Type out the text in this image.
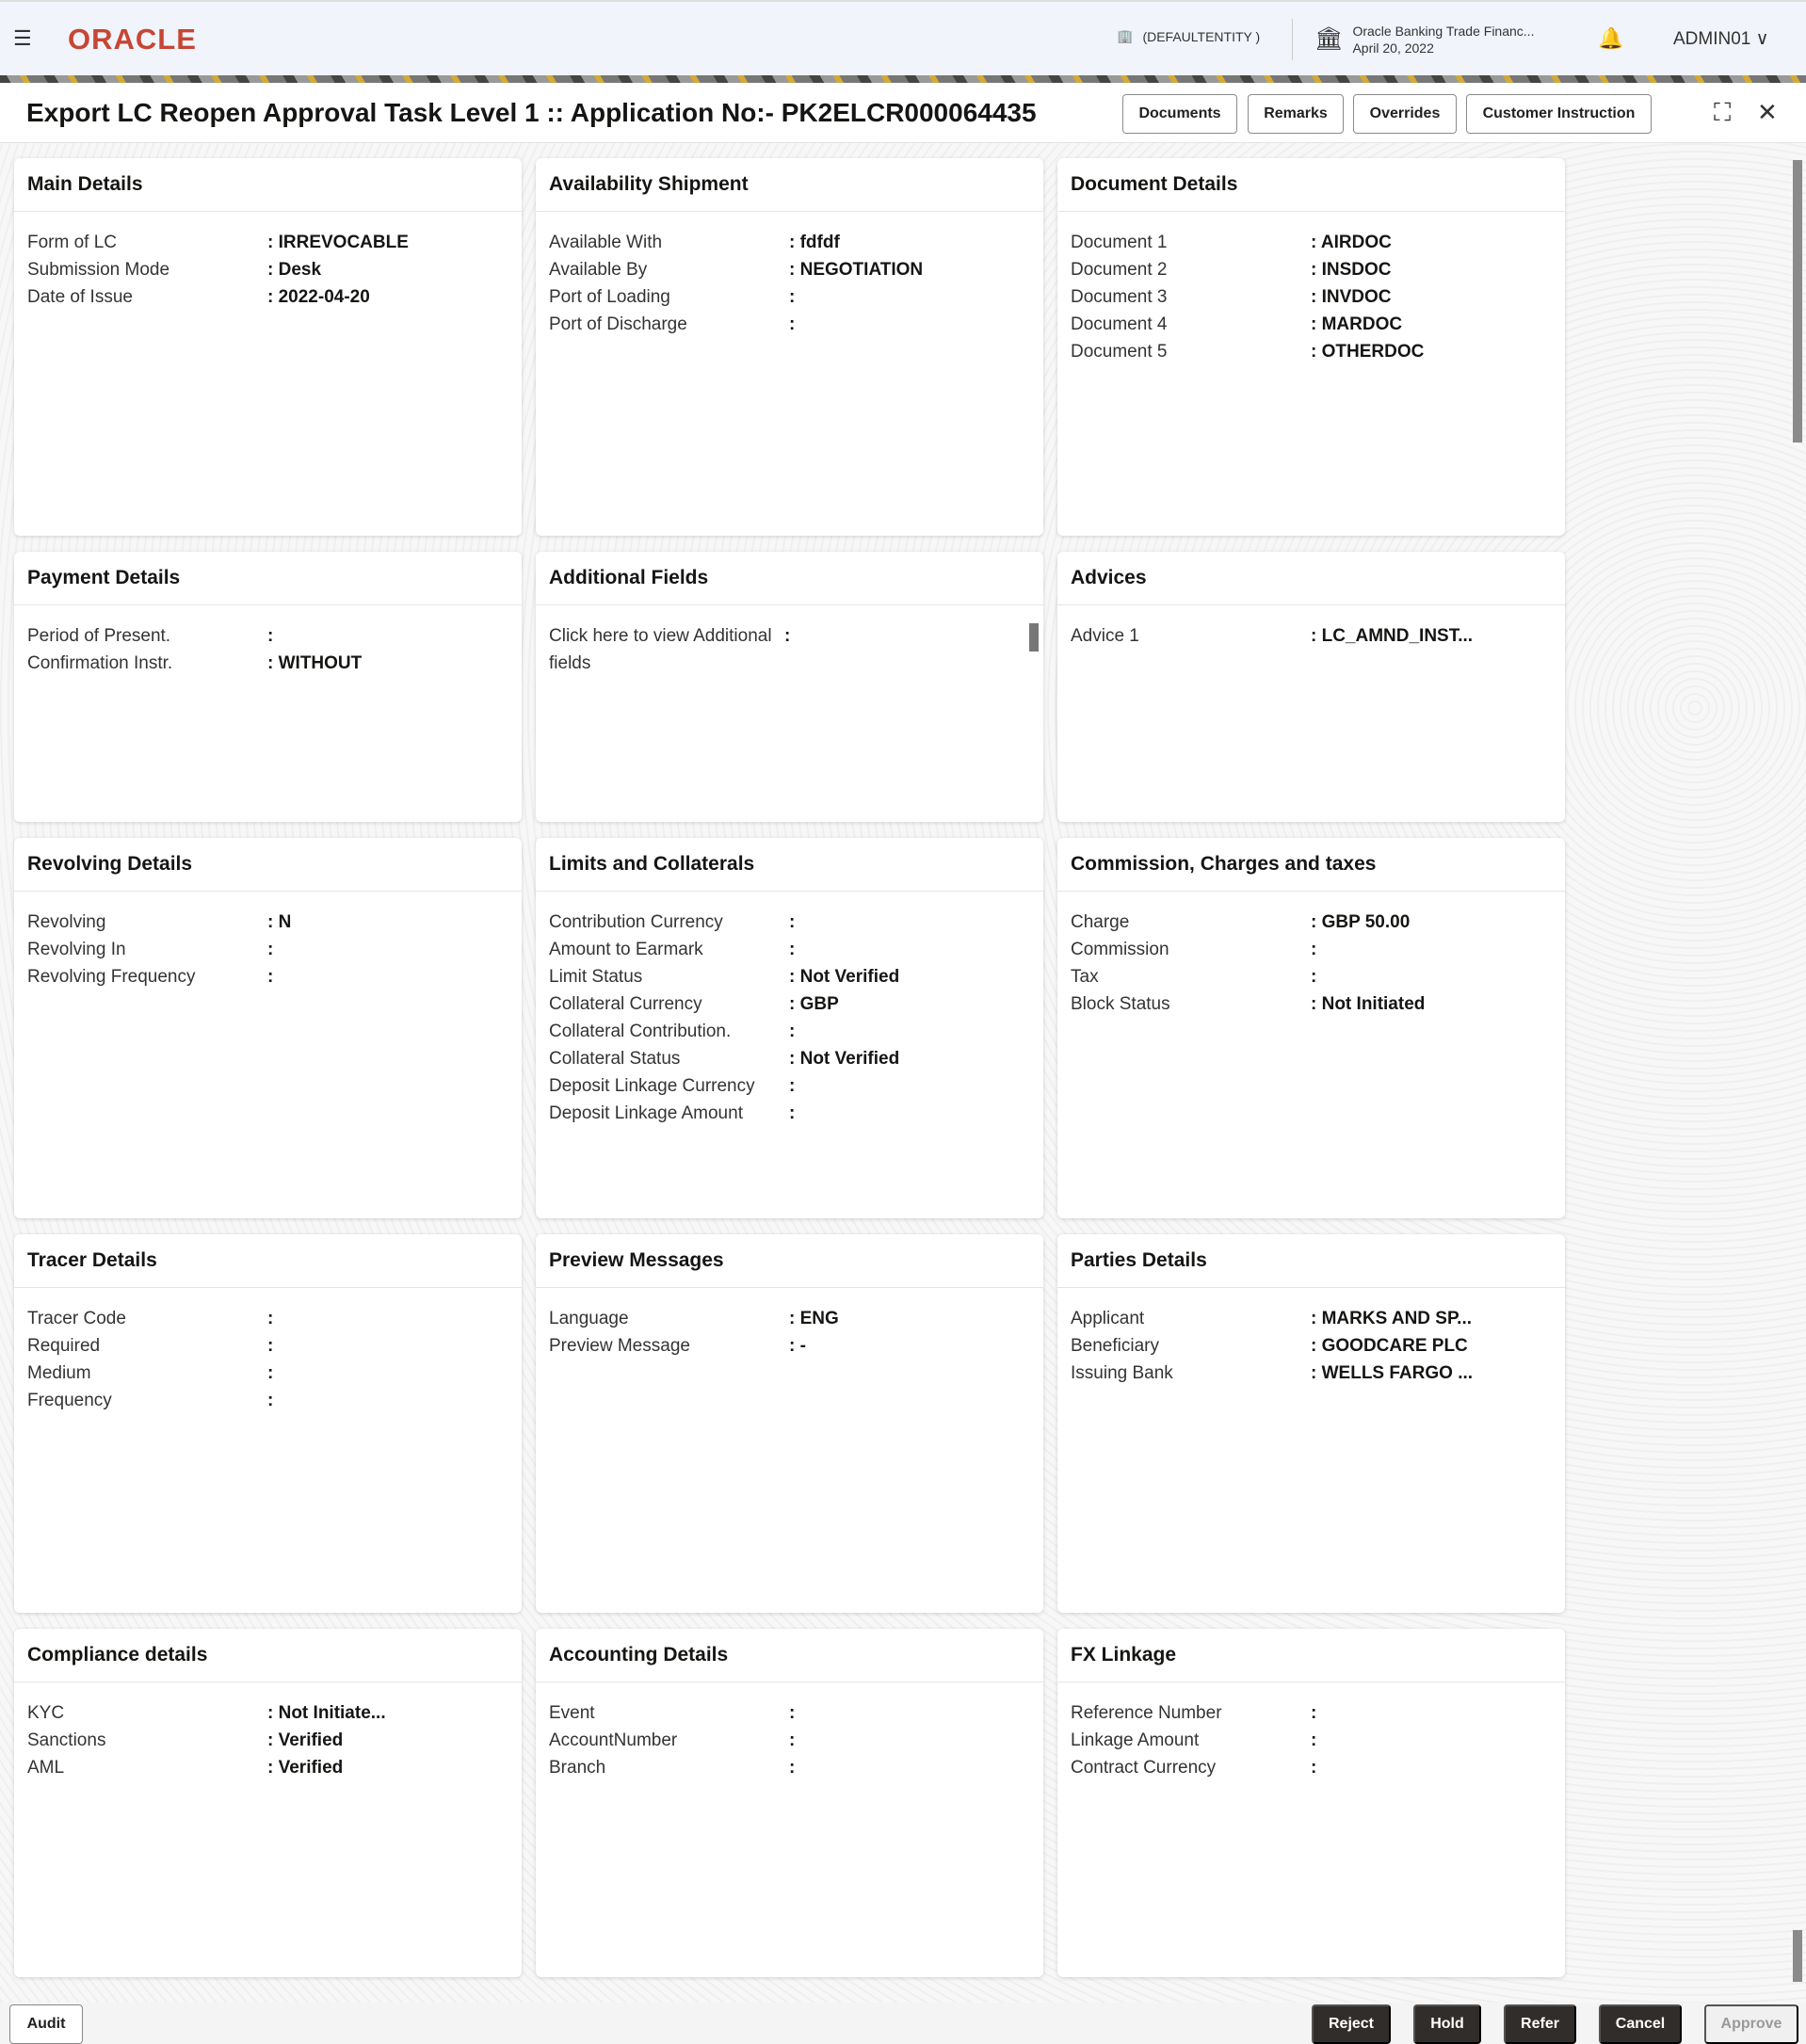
☰ ORACLE	🏢 (DEFAULTENTITY ) 🏛 Oracle Banking Trade Financ...
April 20, 2022	🔔	ADMIN01 ∨
Export LC Reopen Approval Task Level 1 :: Application No:- PK2ELCR000064435	Documents	Remarks	Overrides	Customer Instruction	⛶ ✕
Main Details
Form of LC	: IRREVOCABLE
Submission Mode	: Desk
Date of Issue	: 2022-04-20
Availability Shipment
Available With	: fdfdf
Available By	: NEGOTIATION
Port of Loading	:
Port of Discharge	:
Document Details
Document 1	: AIRDOC
Document 2	: INSDOC
Document 3	: INVDOC
Document 4	: MARDOC
Document 5	: OTHERDOC
Payment Details
Period of Present.	:
Confirmation Instr.	: WITHOUT
Additional Fields
Click here to view Additional fields
:
Advices
Advice 1	: LC_AMND_INST...
Revolving Details
Revolving	: N
Revolving In	:
Revolving Frequency	:
Limits and Collaterals
Contribution Currency	:
Amount to Earmark	:
Limit Status	: Not Verified
Collateral Currency	: GBP
Collateral Contribution.	:
Collateral Status	: Not Verified
Deposit Linkage Currency	:
Deposit Linkage Amount	:
Commission, Charges and taxes
Charge	: GBP 50.00
Commission	:
Tax	:
Block Status	: Not Initiated
Tracer Details
Tracer Code	:
Required	:
Medium	:
Frequency	:
Preview Messages
Language	: ENG
Preview Message	: -
Parties Details
Applicant	: MARKS AND SP...
Beneficiary	: GOODCARE PLC
Issuing Bank	: WELLS FARGO ...
Compliance details
KYC	: Not Initiate...
Sanctions	: Verified
AML	: Verified
Accounting Details
Event	:
AccountNumber	:
Branch	:
FX Linkage
Reference Number	:
Linkage Amount	:
Contract Currency	:
Audit	Reject	Hold	Refer	Cancel	Approve
